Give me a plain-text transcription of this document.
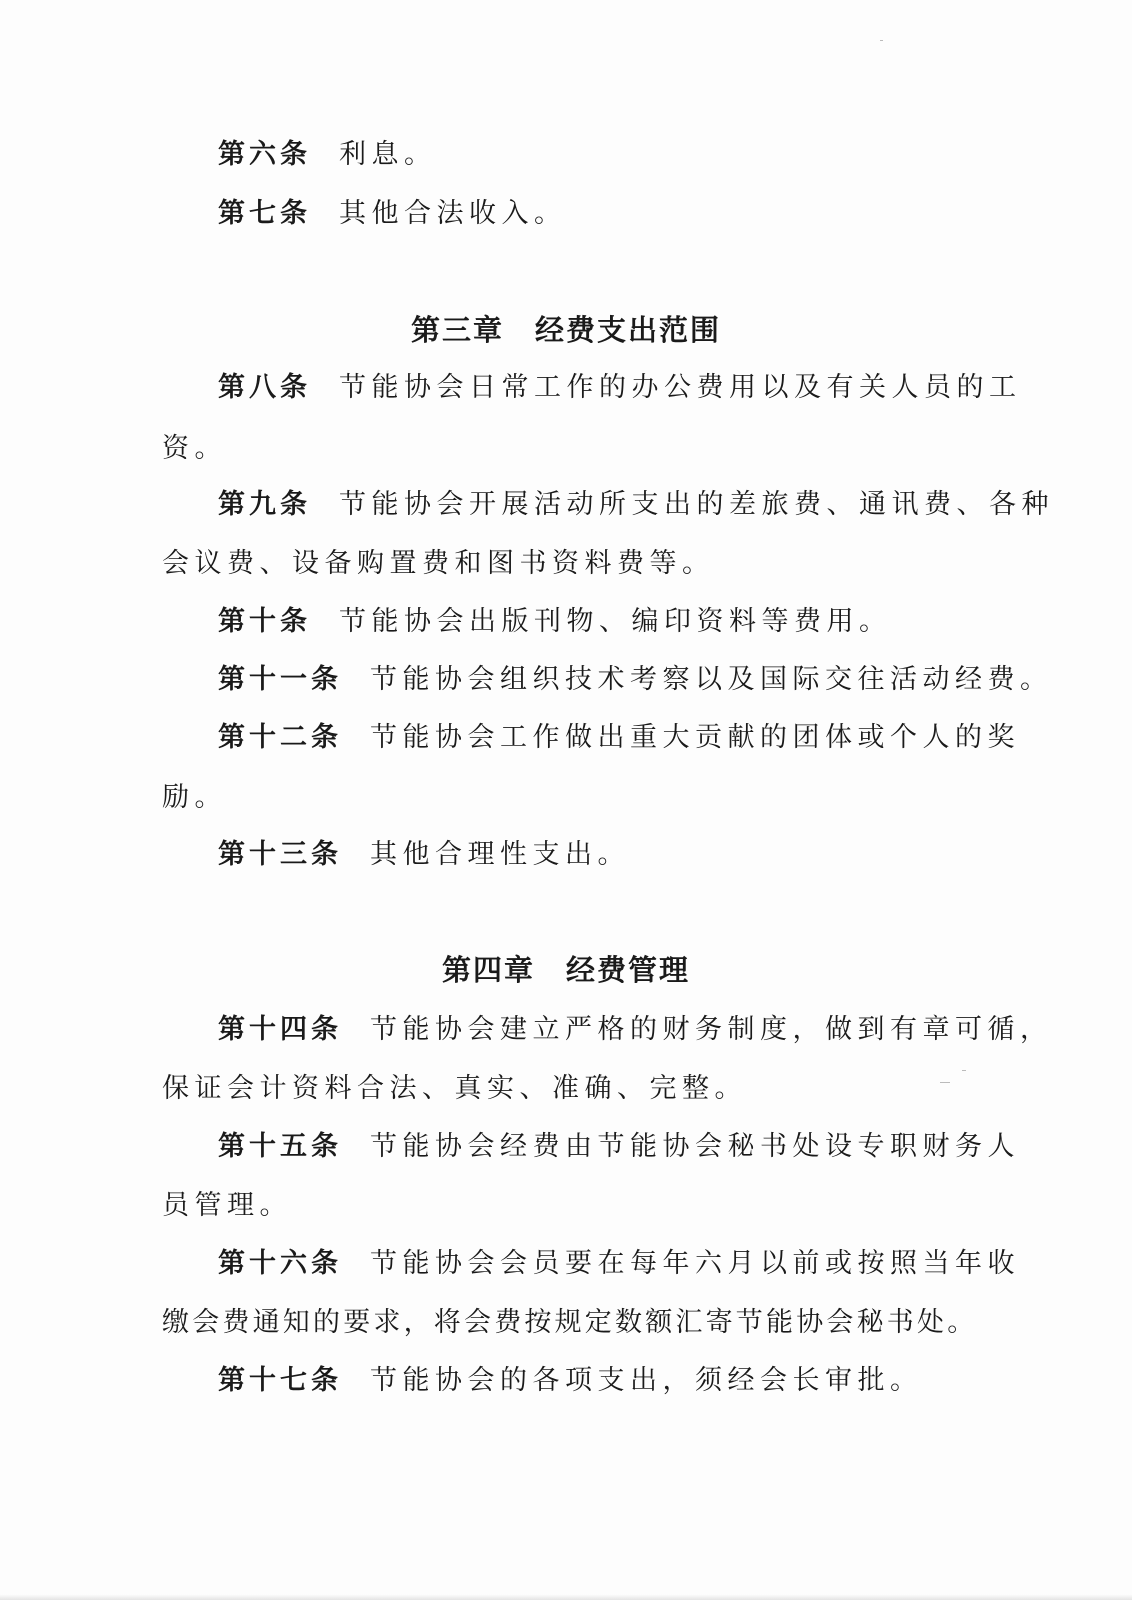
第六条 利息。
第七条 其他合法收入。
第三章　经费支出范围
第八条 节能协会日常工作的办公费用以及有关人员的工
资。
第九条 节能协会开展活动所支出的差旅费、通讯费、各种
会议费、设备购置费和图书资料费等。
第十条 节能协会出版刊物、编印资料等费用。
第十一条 节能协会组织技术考察以及国际交往活动经费。
第十二条 节能协会工作做出重大贡献的团体或个人的奖
励。
第十三条 其他合理性支出。
第四章　经费管理
第十四条 节能协会建立严格的财务制度，做到有章可循，
保证会计资料合法、真实、准确、完整。
第十五条 节能协会经费由节能协会秘书处设专职财务人
员管理。
第十六条 节能协会会员要在每年六月以前或按照当年收
缴会费通知的要求，将会费按规定数额汇寄节能协会秘书处。
第十七条 节能协会的各项支出，须经会长审批。
